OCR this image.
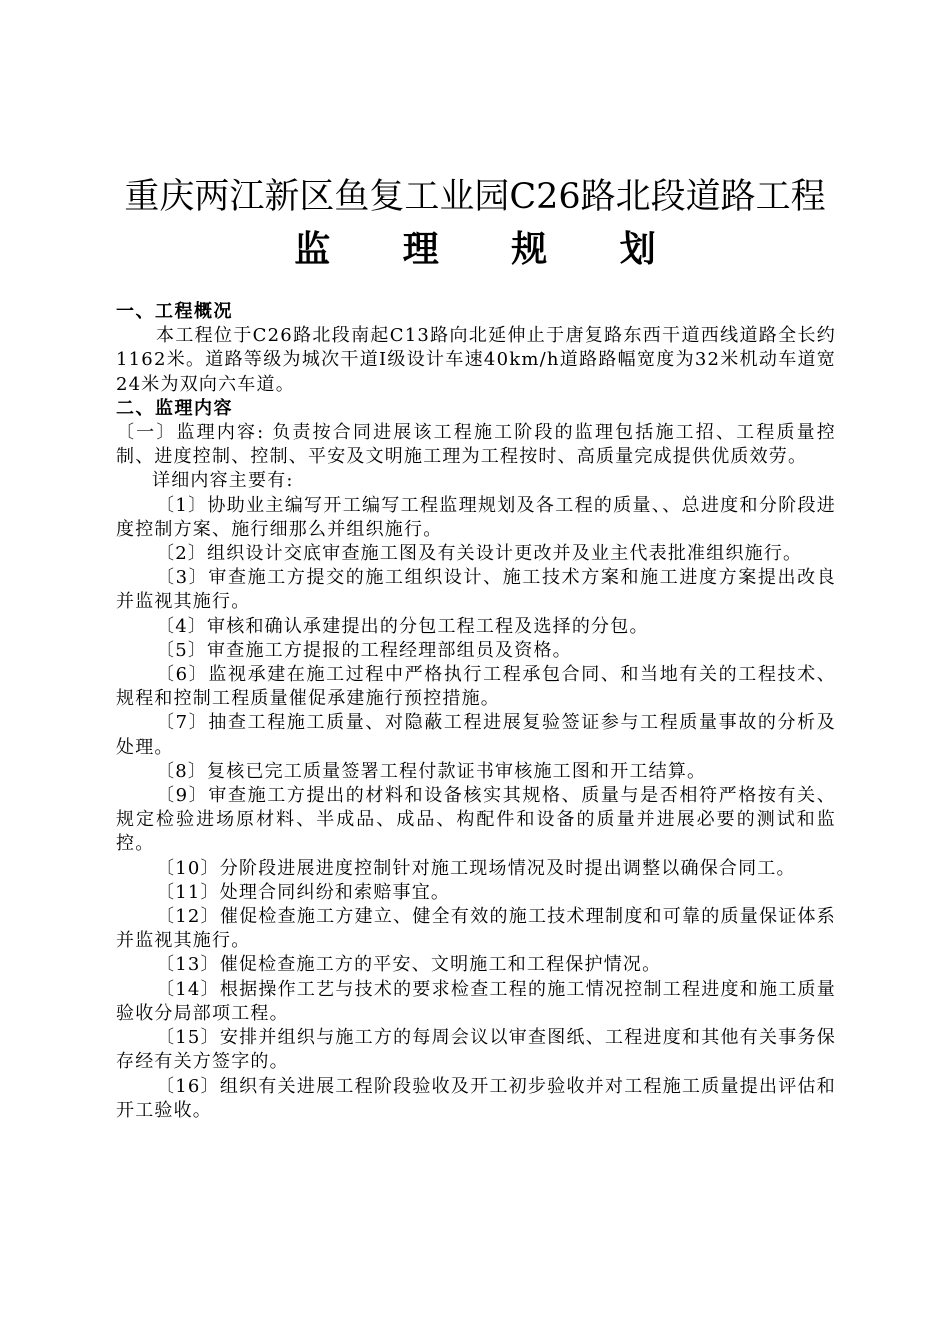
重庆两江新区鱼复工业园C26路北段道路工程
监 理 规 划

一、工程概况

本工程位于C26路北段南起C13路向北延伸止于唐复路东西干道西线道路全长约1162米。道路等级为城次干道Ⅰ级设计车速40km/h道路路幅宽度为32米机动车道宽24米为双向六车道。

二、监理内容

〔一〕监理内容: 负责按合同进展该工程施工阶段的监理包括施工招、工程质量控制、进度控制、控制、平安及文明施工理为工程按时、高质量完成提供优质效劳。

详细内容主要有:

〔1〕协助业主编写开工编写工程监理规划及各工程的质量、、总进度和分阶段进度控制方案、施行细那么并组织施行。

〔2〕组织设计交底审查施工图及有关设计更改并及业主代表批准组织施行。

〔3〕审查施工方提交的施工组织设计、施工技术方案和施工进度方案提出改良并监视其施行。

〔4〕审核和确认承建提出的分包工程工程及选择的分包。

〔5〕审查施工方提报的工程经理部组员及资格。

〔6〕监视承建在施工过程中严格执行工程承包合同、和当地有关的工程技术、规程和控制工程质量催促承建施行预控措施。

〔7〕抽查工程施工质量、对隐蔽工程进展复验签证参与工程质量事故的分析及处理。

〔8〕复核已完工质量签署工程付款证书审核施工图和开工结算。

〔9〕审查施工方提出的材料和设备核实其规格、质量与是否相符严格按有关、规定检验进场原材料、半成品、成品、构配件和设备的质量并进展必要的测试和监控。

〔10〕分阶段进展进度控制针对施工现场情况及时提出调整以确保合同工。

〔11〕处理合同纠纷和索赔事宜。

〔12〕催促检查施工方建立、健全有效的施工技术理制度和可靠的质量保证体系并监视其施行。

〔13〕催促检查施工方的平安、文明施工和工程保护情况。

〔14〕根据操作工艺与技术的要求检查工程的施工情况控制工程进度和施工质量验收分局部项工程。

〔15〕安排并组织与施工方的每周会议以审查图纸、工程进度和其他有关事务保存经有关方签字的。

〔16〕组织有关进展工程阶段验收及开工初步验收并对工程施工质量提出评估和开工验收。
